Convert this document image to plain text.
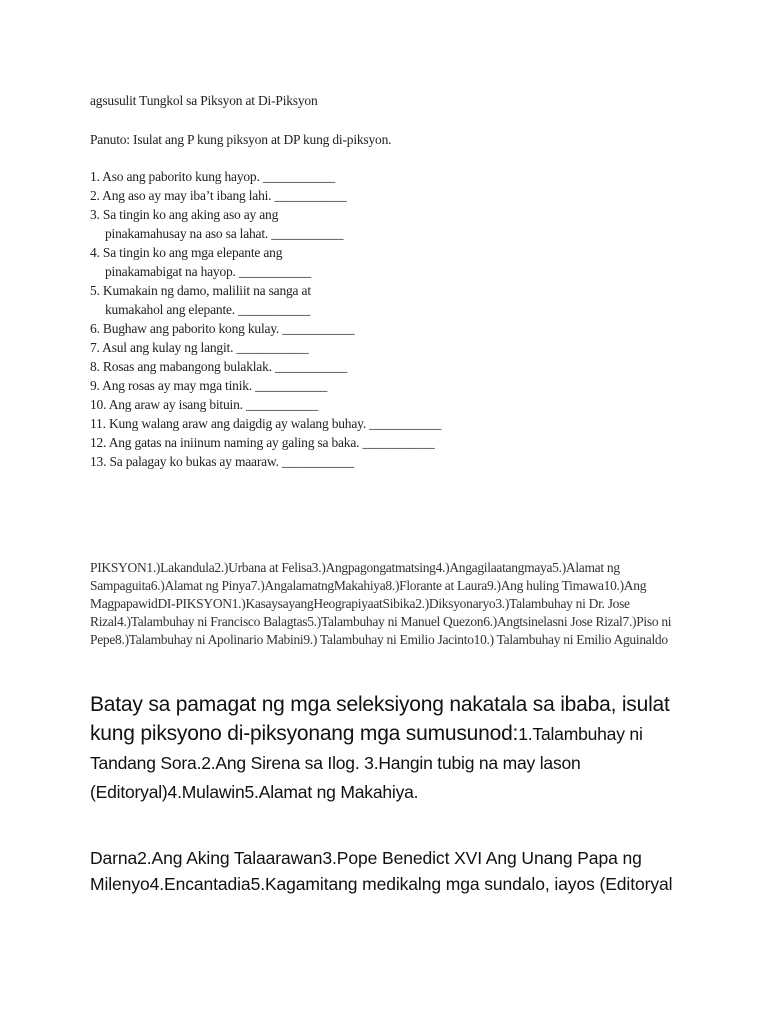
agsusulit Tungkol sa Piksyon at Di-Piksyon
Panuto: Isulat ang P kung piksyon at DP kung di-piksyon.
1. Aso ang paborito kung hayop. ___________
2. Ang aso ay may iba’t ibang lahi. ___________
3. Sa tingin ko ang aking aso ay ang
pinakamahusay na aso sa lahat. ___________
4. Sa tingin ko ang mga elepante ang
pinakamabigat na hayop. ___________
5. Kumakain ng damo, maliliit na sanga at
kumakahol ang elepante. ___________
6. Bughaw ang paborito kong kulay. ___________
7. Asul ang kulay ng langit. ___________
8. Rosas ang mabangong bulaklak. ___________
9. Ang rosas ay may mga tinik. ___________
10. Ang araw ay isang bituin. ___________
11. Kung walang araw ang daigdig ay walang buhay. ___________
12. Ang gatas na iniinum naming ay galing sa baka. ___________
13. Sa palagay ko bukas ay maaraw. ___________
PIKSYON1.)Lakandula2.)Urbana at Felisa3.)Angpagongatmatsing4.)Angagilaatangmaya5.)Alamat ng Sampaguita6.)Alamat ng Pinya7.)AngalamatngMakahiya8.)Florante at Laura9.)Ang huling Timawa10.)Ang MagpapawidDI-PIKSYON1.)KasaysayangHeograpiyaatSibika2.)Diksyonaryo3.)Talambuhay ni Dr. Jose Rizal4.)Talambuhay ni Francisco Balagtas5.)Talambuhay ni Manuel Quezon6.)Angtsinelasni Jose Rizal7.)Piso ni Pepe8.)Talambuhay ni Apolinario Mabini9.) Talambuhay ni Emilio Jacinto10.) Talambuhay ni Emilio Aguinaldo
Batay sa pamagat ng mga seleksiyong nakatala sa ibaba, isulat kung piksyono di-piksyonang mga sumusunod:1.Talambuhay ni Tandang Sora.2.Ang Sirena sa Ilog. 3.Hangin tubig na may lason (Editoryal)4.Mulawin5.Alamat ng Makahiya.
Darna2.Ang Aking Talaarawan3.Pope Benedict XVI Ang Unang Papa ng Milenyo4.Encantadia5.Kagamitang medikalng mga sundalo, iayos (Editoryal
